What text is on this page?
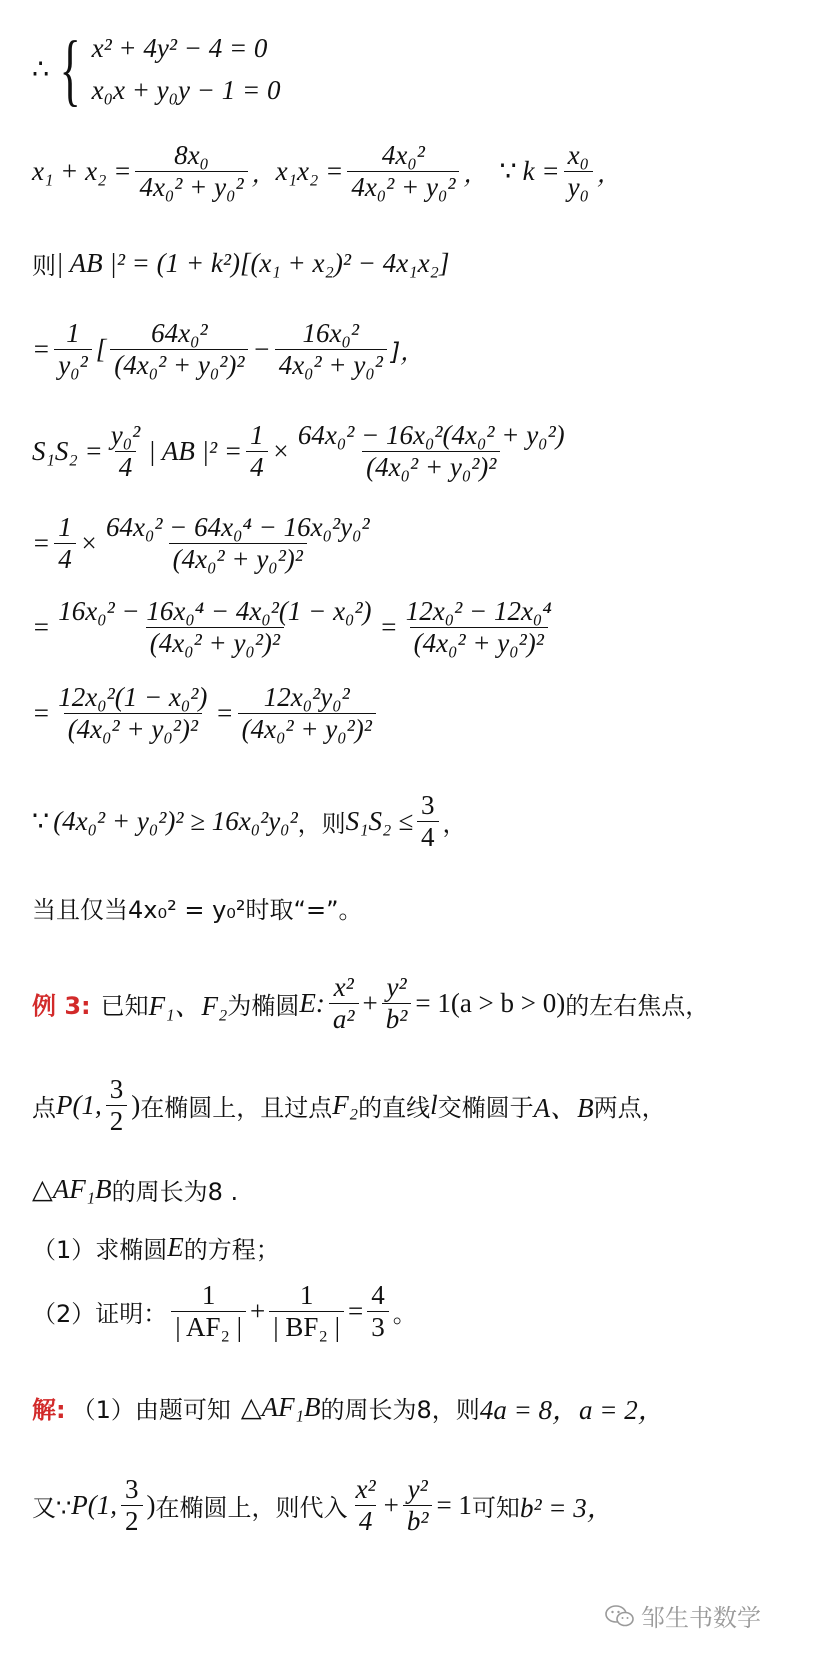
∴ { x² + 4y² − 4 = 0
x₀x + y₀y − 1 = 0
$x_1 + x_2 = \frac{\text{8x₀}}{\text{4x₀² + y₀²}}$ ， $x_1x_2 = \frac{\text{4x₀²}}{\text{4x₀² + y₀²}}$ ， ∵ $k = \frac{\text{x₀}}{\text{y₀}}$ ，
则 | AB |² = (1 + k²)[(x₁ + x₂)² − 4x₁x₂]
= $\frac{1}{\text{y₀²}}$ [ $\frac{\text{64x₀²}}{\text{(4x₀² + y₀²)²}} - \frac{\text{16x₀²}}{\text{4x₀² + y₀²}}$ ]，
$S_1S_2 = \frac{\text{y₀²}}{4}$ | AB $|^2 = \frac{1}{4} \times \frac{\text{64x₀² − 16x₀²(4x₀² + y₀²)}}{\text{(4x₀² + y₀²)²}}$
= $\frac{1}{4} \times \frac{\text{64x₀² − 64x₀⁴ − 16x₀²y₀²}}{\text{(4x₀² + y₀²)²}}$
= $\frac{\text{16x₀² − 16x₀⁴ − 4x₀²(1 − x₀²)}}{\text{(4x₀² + y₀²)²}} = \frac{\text{12x₀² − 12x₀⁴}}{\text{(4x₀² + y₀²)²}}$
= $\frac{\text{12x₀²(1 − x₀²)}}{\text{(4x₀² + y₀²)²}} = \frac{\text{12x₀²y₀²}}{\text{(4x₀² + y₀²)²}}$
∵ (4x₀² + y₀²)² ≥ 16x₀²y₀² ，则 $S_1S_2 \le \frac{3}{4}$ ，
当且仅当4x₀² = y₀²时取“=”。
例 3: 已知 F₁、F₂ 为椭圆 E: $\frac{\text{x²}}{\text{a²}} + \frac{\text{y²}}{\text{b²}} = 1(a > b > 0)$ 的左右焦点，
点 P(1, $\frac{3}{2}$ ) 在椭圆上，且过点 F₂ 的直线 l 交椭圆于 A、B 两点，
△AF₁B 的周长为8 .
（1）求椭圆 E 的方程；
（2）证明： $\frac{1}{\text{| AF₂ |}} + \frac{1}{\text{| BF₂ |}} = \frac{4}{3}$ 。
解: （1）由题可知 △AF₁B 的周长为8，则 4a = 8，a = 2，
又∵ P(1, $\frac{3}{2}$ ) 在椭圆上，则代入 $\frac{\text{x²}}{4} + \frac{\text{y²}}{\text{b²}} = 1$ 可知 b² = 3，
邹生书数学
